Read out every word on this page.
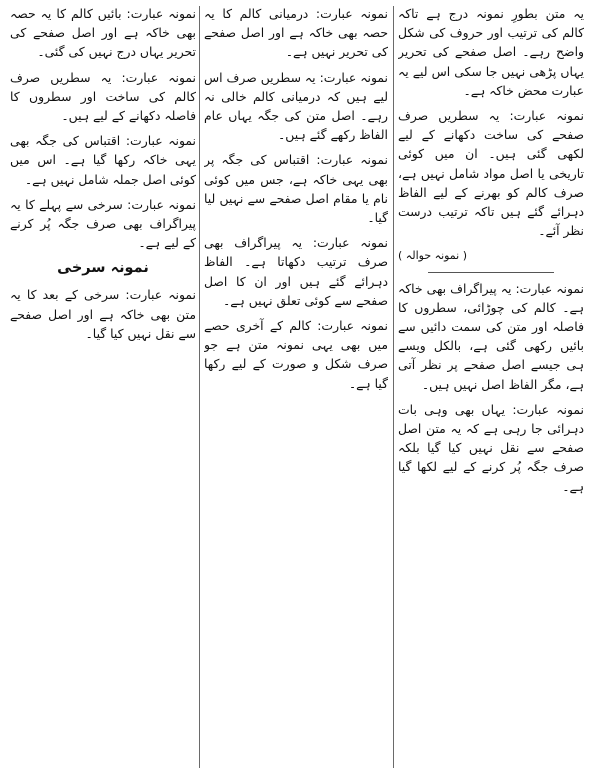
یہ متن بطورِ نمونہ درج ہے تاکہ کالم کی ترتیب اور حروف کی شکل واضح رہے۔ اصل صفحے کی تحریر یہاں پڑھی نہیں جا سکی اس لیے یہ عبارت محض خاکہ ہے۔

نمونہ عبارت: یہ سطریں صرف صفحے کی ساخت دکھانے کے لیے لکھی گئی ہیں۔ ان میں کوئی تاریخی یا اصل مواد شامل نہیں ہے، صرف کالم کو بھرنے کے لیے الفاظ دہرائے گئے ہیں تاکہ ترتیب درست نظر آئے۔

( نمونہ حوالہ )

نمونہ عبارت: یہ پیراگراف بھی خاکہ ہے۔ کالم کی چوڑائی، سطروں کا فاصلہ اور متن کی سمت دائیں سے بائیں رکھی گئی ہے، بالکل ویسے ہی جیسے اصل صفحے پر نظر آتی ہے، مگر الفاظ اصل نہیں ہیں۔

نمونہ عبارت: یہاں بھی وہی بات دہرائی جا رہی ہے کہ یہ متن اصل صفحے سے نقل نہیں کیا گیا بلکہ صرف جگہ پُر کرنے کے لیے لکھا گیا ہے۔

نمونہ عبارت: درمیانی کالم کا یہ حصہ بھی خاکہ ہے اور اصل صفحے کی تحریر نہیں ہے۔

نمونہ عبارت: یہ سطریں صرف اس لیے ہیں کہ درمیانی کالم خالی نہ رہے۔ اصل متن کی جگہ یہاں عام الفاظ رکھے گئے ہیں۔

نمونہ عبارت: اقتباس کی جگہ پر بھی یہی خاکہ ہے، جس میں کوئی نام یا مقام اصل صفحے سے نہیں لیا گیا۔

نمونہ عبارت: یہ پیراگراف بھی صرف ترتیب دکھاتا ہے۔ الفاظ دہرائے گئے ہیں اور ان کا اصل صفحے سے کوئی تعلق نہیں ہے۔

نمونہ عبارت: کالم کے آخری حصے میں بھی یہی نمونہ متن ہے جو صرف شکل و صورت کے لیے رکھا گیا ہے۔

نمونہ عبارت: بائیں کالم کا یہ حصہ بھی خاکہ ہے اور اصل صفحے کی تحریر یہاں درج نہیں کی گئی۔

نمونہ عبارت: یہ سطریں صرف کالم کی ساخت اور سطروں کا فاصلہ دکھانے کے لیے ہیں۔

نمونہ عبارت: اقتباس کی جگہ بھی یہی خاکہ رکھا گیا ہے۔ اس میں کوئی اصل جملہ شامل نہیں ہے۔

نمونہ عبارت: سرخی سے پہلے کا یہ پیراگراف بھی صرف جگہ پُر کرنے کے لیے ہے۔

نمونہ سرخی

نمونہ عبارت: سرخی کے بعد کا یہ متن بھی خاکہ ہے اور اصل صفحے سے نقل نہیں کیا گیا۔
